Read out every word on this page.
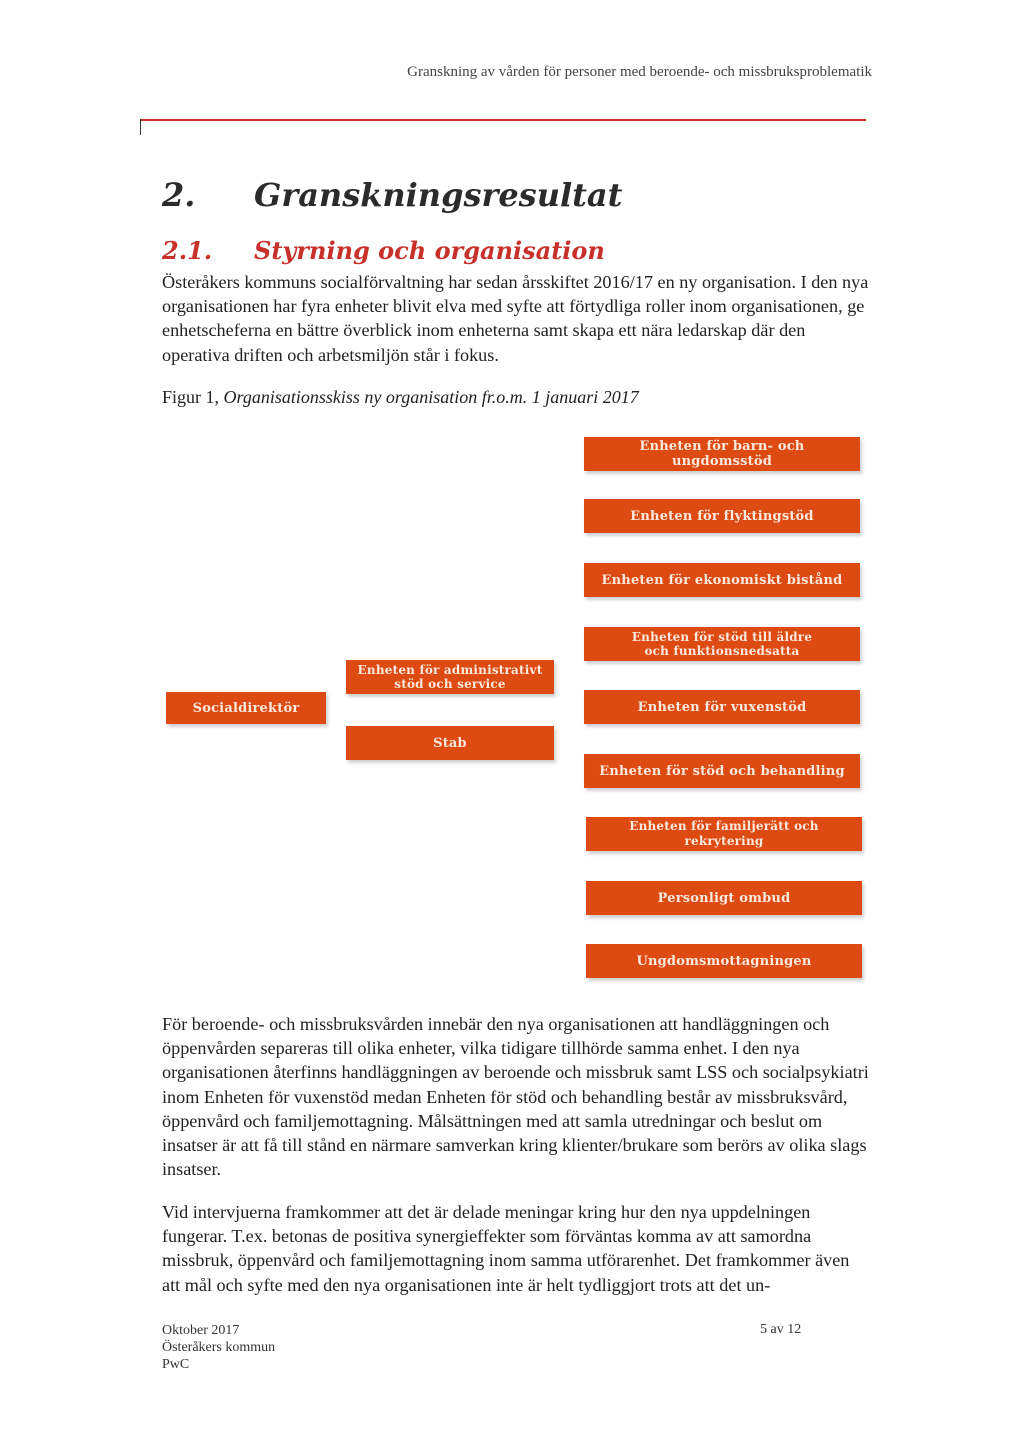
Granskning av vården för personer med beroende- och missbruksproblematik
2. Granskningsresultat
2.1. Styrning och organisation

Österåkers kommuns socialförvaltning har sedan årsskiftet 2016/17 en ny organisation. I den nya organisationen har fyra enheter blivit elva med syfte att förtydliga roller inom organisationen, ge enhetscheferna en bättre överblick inom enheterna samt skapa ett nära ledarskap där den operativa driften och arbetsmiljön står i fokus.

Figur 1, Organisationsskiss ny organisation fr.o.m. 1 januari 2017
Socialdirektör
Enheten för administrativt stöd och service
Stab
Enheten för barn- och ungdomsstöd
Enheten för flyktingstöd
Enheten för ekonomiskt bistånd
Enheten för stöd till äldre och funktionsnedsatta
Enheten för vuxenstöd
Enheten för stöd och behandling
Enheten för familjerätt och rekrytering
Personligt ombud
Ungdomsmottagningen

För beroende- och missbruksvården innebär den nya organisationen att handläggningen och öppenvården separeras till olika enheter, vilka tidigare tillhörde samma enhet. I den nya organisationen återfinns handläggningen av beroende och missbruk samt LSS och socialpsykiatri inom Enheten för vuxenstöd medan Enheten för stöd och behandling består av missbruksvård, öppenvård och familjemottagning. Målsättningen med att samla utredningar och beslut om insatser är att få till stånd en närmare samverkan kring klienter/brukare som berörs av olika slags insatser.

Vid intervjuerna framkommer att det är delade meningar kring hur den nya uppdelningen fungerar. T.ex. betonas de positiva synergieffekter som förväntas komma av att samordna missbruk, öppenvård och familjemottagning inom samma utförarenhet. Det framkommer även att mål och syfte med den nya organisationen inte är helt tydliggjort trots att det un-

Oktober 2017
Österåkers kommun
PwC
5 av 12
